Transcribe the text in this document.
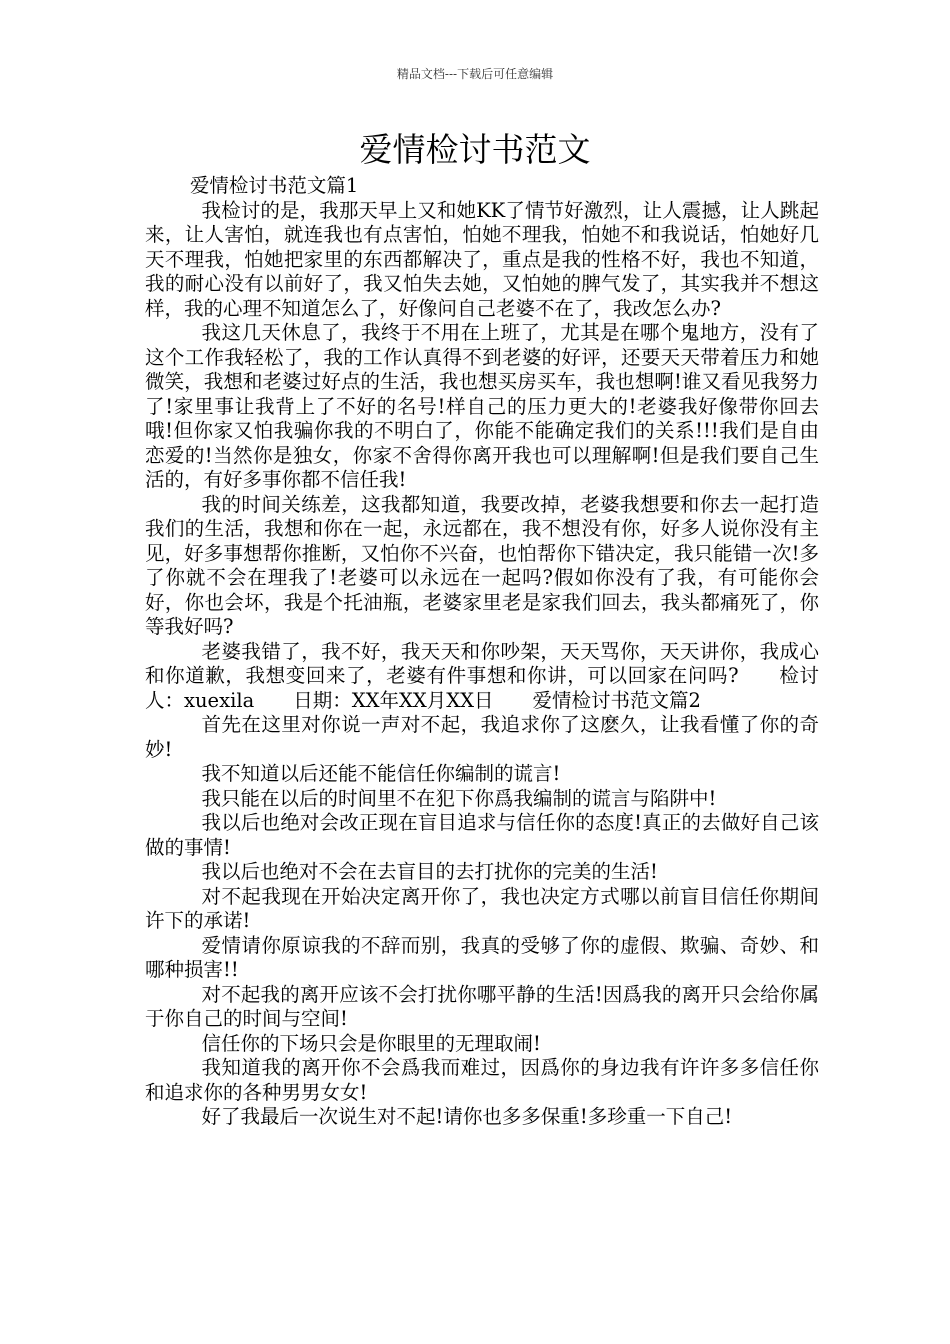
精品文档---下载后可任意编辑
爱情检讨书范文

爱情检讨书范文篇1

我检讨的是，我那天早上又和她KK了情节好激烈，让人震撼，让人跳起来，让人害怕，就连我也有点害怕，怕她不理我，怕她不和我说话，怕她好几天不理我，怕她把家里的东西都解决了，重点是我的性格不好，我也不知道，我的耐心没有以前好了，我又怕失去她，又怕她的脾气发了，其实我并不想这样，我的心理不知道怎么了，好像问自己老婆不在了，我改怎么办?

我这几天休息了，我终于不用在上班了，尤其是在哪个鬼地方，没有了这个工作我轻松了，我的工作认真得不到老婆的好评，还要天天带着压力和她微笑，我想和老婆过好点的生活，我也想买房买车，我也想啊!谁又看见我努力了!家里事让我背上了不好的名号!样自己的压力更大的!老婆我好像带你回去哦!但你家又怕我骗你我的不明白了，你能不能确定我们的关系!!!我们是自由恋爱的!当然你是独女，你家不舍得你离开我也可以理解啊!但是我们要自己生活的，有好多事你都不信任我!

我的时间关练差，这我都知道，我要改掉，老婆我想要和你去一起打造我们的生活，我想和你在一起，永远都在，我不想没有你，好多人说你没有主见，好多事想帮你推断，又怕你不兴奋，也怕帮你下错决定，我只能错一次!多了你就不会在理我了!老婆可以永远在一起吗?假如你没有了我，有可能你会好，你也会坏，我是个托油瓶，老婆家里老是家我们回去，我头都痛死了，你等我好吗?

老婆我错了，我不好，我天天和你吵架，天天骂你，天天讲你，我成心和你道歉，我想变回来了，老婆有件事想和你讲，可以回家在问吗?　　检讨人：xuexila　　日期：XX年XX月XX日　　爱情检讨书范文篇2

首先在这里对你说一声对不起，我追求你了这麽久，让我看懂了你的奇妙!

我不知道以后还能不能信任你编制的谎言!

我只能在以后的时间里不在犯下你爲我编制的谎言与陷阱中!

我以后也绝对会改正现在盲目追求与信任你的态度!真正的去做好自己该做的事情!

我以后也绝对不会在去盲目的去打扰你的完美的生活!

对不起我现在开始决定离开你了，我也决定方式哪以前盲目信任你期间许下的承诺!

爱情请你原谅我的不辞而别，我真的受够了你的虚假、欺骗、奇妙、和哪种损害!!

对不起我的离开应该不会打扰你哪平静的生活!因爲我的离开只会给你属于你自己的时间与空间!

信任你的下场只会是你眼里的无理取闹!

我知道我的离开你不会爲我而难过，因爲你的身边我有许许多多信任你和追求你的各种男男女女!

好了我最后一次说生对不起!请你也多多保重!多珍重一下自己!
